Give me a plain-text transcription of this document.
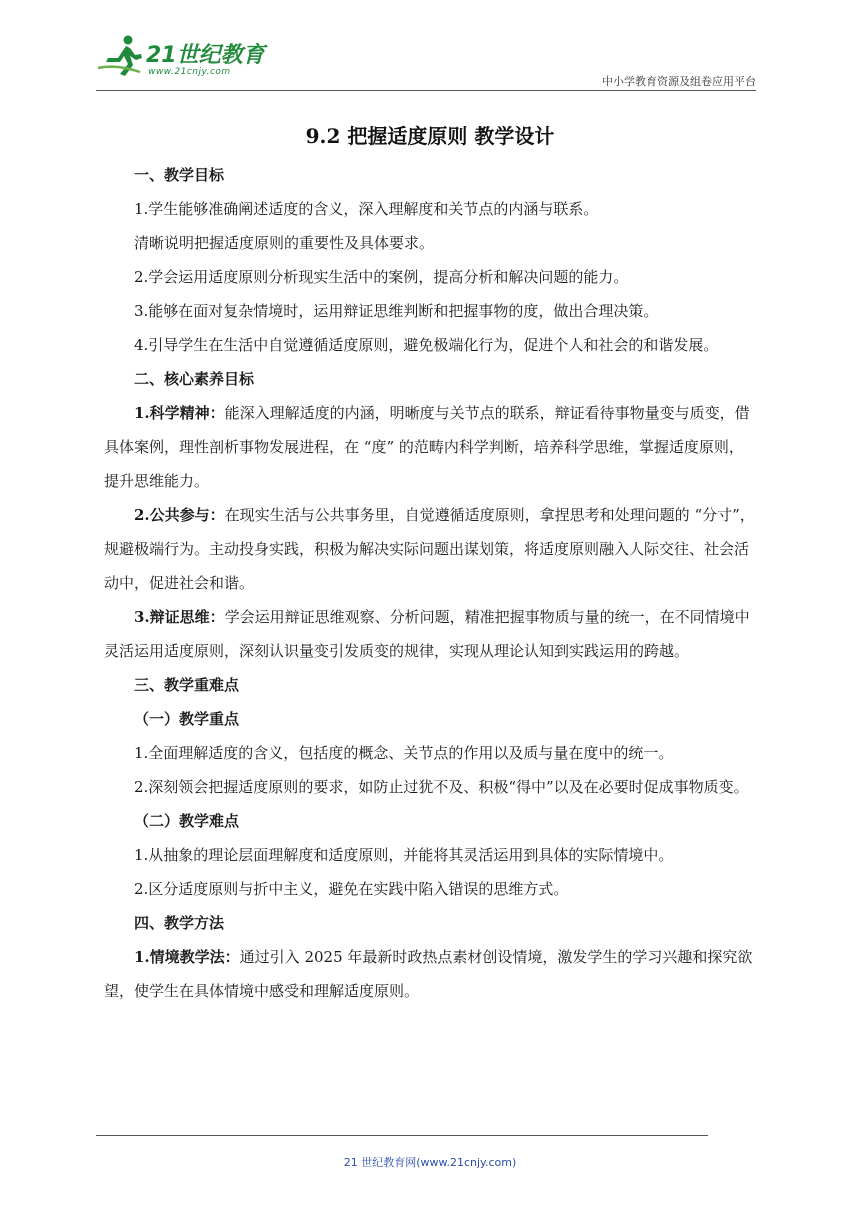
21世纪教育
www.21cnjy.com
中小学教育资源及组卷应用平台
9.2 把握适度原则 教学设计

一、教学目标

1.学生能够准确阐述适度的含义，深入理解度和关节点的内涵与联系。

清晰说明把握适度原则的重要性及具体要求。

2.学会运用适度原则分析现实生活中的案例，提高分析和解决问题的能力。

3.能够在面对复杂情境时，运用辩证思维判断和把握事物的度，做出合理决策。

4.引导学生在生活中自觉遵循适度原则，避免极端化行为，促进个人和社会的和谐发展。

二、核心素养目标

1.科学精神：能深入理解适度的内涵，明晰度与关节点的联系，辩证看待事物量变与质变，借具体案例，理性剖析事物发展进程，在 “度” 的范畴内科学判断，培养科学思维，掌握适度原则，提升思维能力。

2.公共参与：在现实生活与公共事务里，自觉遵循适度原则，拿捏思考和处理问题的 “分寸”，规避极端行为。主动投身实践，积极为解决实际问题出谋划策，将适度原则融入人际交往、社会活动中，促进社会和谐。

3.辩证思维：学会运用辩证思维观察、分析问题，精准把握事物质与量的统一，在不同情境中灵活运用适度原则，深刻认识量变引发质变的规律，实现从理论认知到实践运用的跨越。

三、教学重难点

（一）教学重点

1.全面理解适度的含义，包括度的概念、关节点的作用以及质与量在度中的统一。

2.深刻领会把握适度原则的要求，如防止过犹不及、积极“得中”以及在必要时促成事物质变。

（二）教学难点

1.从抽象的理论层面理解度和适度原则，并能将其灵活运用到具体的实际情境中。

2.区分适度原则与折中主义，避免在实践中陷入错误的思维方式。

四、教学方法

1.情境教学法：通过引入 2025 年最新时政热点素材创设情境，激发学生的学习兴趣和探究欲望，使学生在具体情境中感受和理解适度原则。

21 世纪教育网(www.21cnjy.com)
